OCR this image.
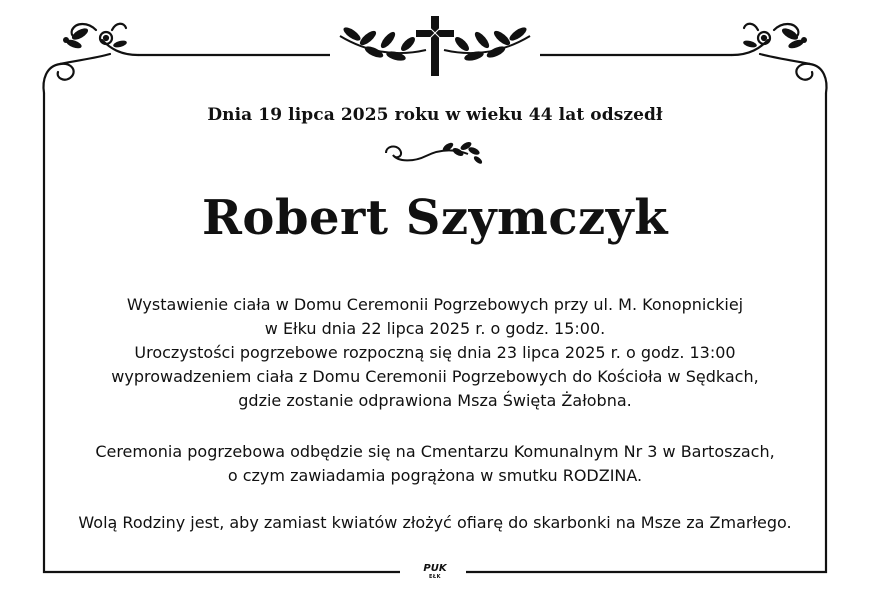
Dnia 19 lipca 2025 roku w wieku 44 lat odszedł
Robert Szymczyk

Wystawienie ciała w Domu Ceremonii Pogrzebowych przy ul. M. Konopnickiej

w Ełku dnia 22 lipca 2025 r. o godz. 15:00.

Uroczystości pogrzebowe rozpoczną się dnia 23 lipca 2025 r. o godz. 13:00

wyprowadzeniem ciała z Domu Ceremonii Pogrzebowych do Kościoła w Sędkach,

gdzie zostanie odprawiona Msza Święta Żałobna.

Ceremonia pogrzebowa odbędzie się na Cmentarzu Komunalnym Nr 3 w Bartoszach,

o czym zawiadamia pogrążona w smutku RODZINA.

Wolą Rodziny jest, aby zamiast kwiatów złożyć ofiarę do skarbonki na Msze za Zmarłego.

PUK
EŁK
